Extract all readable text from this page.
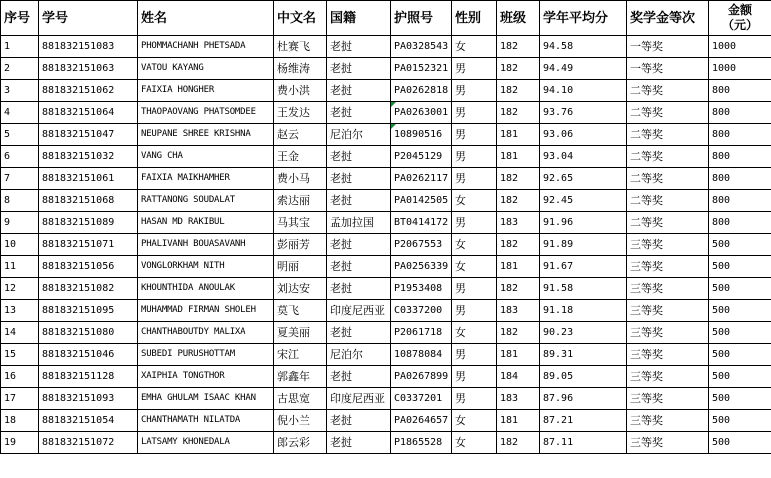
序号	学号	姓名	中文名	国籍	护照号	性别	班级	学年平均分	奖学金等次	金额
（元）
1	881832151083	PHOMMACHANH PHETSADA	杜赛飞	老挝	PA0328543	女	182	94.58	一等奖	1000
2	881832151063	VATOU KAYANG	杨维涛	老挝	PA0152321	男	182	94.49	一等奖	1000
3	881832151062	FAIXIA HONGHER	费小洪	老挝	PA0262818	男	182	94.10	二等奖	800
4	881832151064	THAOPAOVANG PHATSOMDEE	王发达	老挝	PA0263001	男	182	93.76	二等奖	800
5	881832151047	NEUPANE SHREE KRISHNA	赵云	尼泊尔	10890516	男	181	93.06	二等奖	800
6	881832151032	VANG CHA	王金	老挝	P2045129	男	181	93.04	二等奖	800
7	881832151061	FAIXIA MAIKHAMHER	费小马	老挝	PA0262117	男	182	92.65	二等奖	800
8	881832151068	RATTANONG SOUDALAT	索达丽	老挝	PA0142505	女	182	92.45	二等奖	800
9	881832151089	HASAN MD RAKIBUL	马其宝	孟加拉国	BT0414172	男	183	91.96	二等奖	800
10	881832151071	PHALIVANH BOUASAVANH	彭丽芳	老挝	P2067553	女	182	91.89	三等奖	500
11	881832151056	VONGLORKHAM NITH	明丽	老挝	PA0256339	女	181	91.67	三等奖	500
12	881832151082	KHOUNTHIDA ANOULAK	刘达安	老挝	P1953408	男	182	91.58	三等奖	500
13	881832151095	MUHAMMAD FIRMAN SHOLEH	莫飞	印度尼西亚	C0337200	男	183	91.18	三等奖	500
14	881832151080	CHANTHABOUTDY MALIXA	夏美丽	老挝	P2061718	女	182	90.23	三等奖	500
15	881832151046	SUBEDI PURUSHOTTAM	宋江	尼泊尔	10878084	男	181	89.31	三等奖	500
16	881832151128	XAIPHIA TONGTHOR	郭鑫年	老挝	PA0267899	男	184	89.05	三等奖	500
17	881832151093	EMHA GHULAM ISAAC KHAN	古思宽	印度尼西亚	C0337201	男	183	87.96	三等奖	500
18	881832151054	CHANTHAMATH NILATDA	倪小兰	老挝	PA0264657	女	181	87.21	三等奖	500
19	881832151072	LATSAMY KHONEDALA	郎云彩	老挝	P1865528	女	182	87.11	三等奖	500
